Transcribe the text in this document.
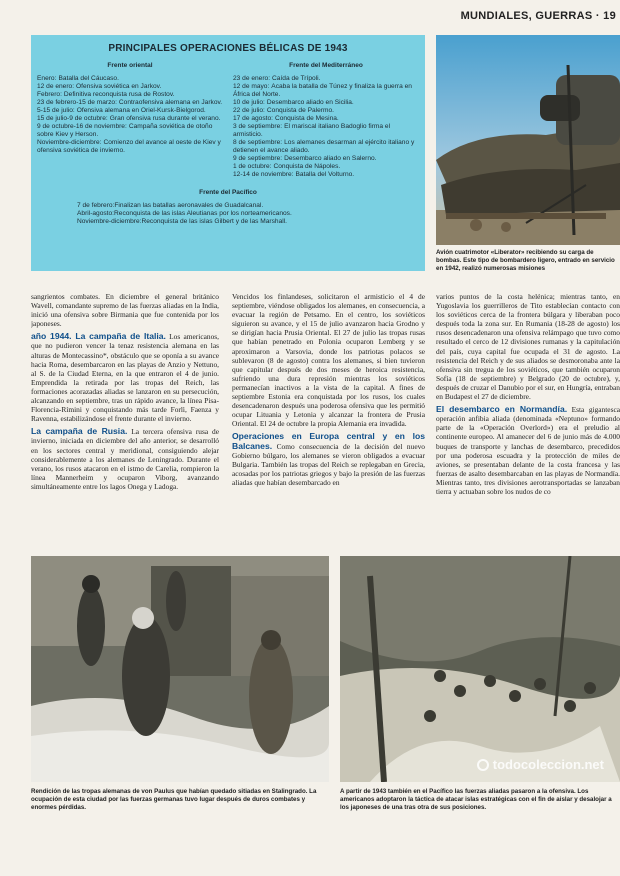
MUNDIALES, GUERRAS · 19
PRINCIPALES OPERACIONES BÉLICAS DE 1943
Frente oriental
Enero: Batalla del Cáucaso.
12 de enero: Ofensiva soviética en Jarkov.
Febrero: Definitiva reconquista rusa de Rostov.
23 de febrero-15 de marzo: Contraofensiva alemana en Jarkov.
5-15 de julio: Ofensiva alemana en Oriel-Kursk-Bielgorod.
15 de julio-9 de octubre: Gran ofensiva rusa durante el verano.
9 de octubre-16 de noviembre: Campaña soviética de otoño sobre Kiev y Herson.
Noviembre-diciembre: Comienzo del avance al oeste de Kiev y ofensiva soviética de invierno.
Frente del Mediterráneo
23 de enero: Caída de Trípoli.
12 de mayo: Acaba la batalla de Túnez y finaliza la guerra en África del Norte.
10 de julio: Desembarco aliado en Sicilia.
22 de julio: Conquista de Palermo.
17 de agosto: Conquista de Mesina.
3 de septiembre: El mariscal italiano Badoglio firma el armisticio.
8 de septiembre: Los alemanes desarman al ejército italiano y detienen el avance aliado.
9 de septiembre: Desembarco aliado en Salerno.
1 de octubre: Conquista de Nápoles.
12-14 de noviembre: Batalla del Volturno.
Frente del Pacífico
7 de febrero:Finalizan las batallas aeronavales de Guadalcanal.
Abril-agosto:Reconquista de las islas Aleutianas por los norteamericanos.
Noviembre-diciembre:Reconquista de las islas Gilbert y de las Marshall.
Avión cuatrimotor «Liberator» recibiendo su carga de bombas. Este tipo de bombardero ligero, entrado en servicio en 1942, realizó numerosas misiones

sangrientos combates. En diciembre el general británico Wavell, comandante supremo de las fuerzas aliadas en la India, inició una ofensiva sobre Birmania que fue contenida por los japoneses.

año 1944. La campaña de Italia. Los americanos, que no pudieron vencer la tenaz resistencia alemana en las alturas de Montecassino*, obstáculo que se oponía a su avance hacia Roma, desembarcaron en las playas de Anzio y Nettuno, al S. de la Ciudad Eterna, en la que entraron el 4 de junio. Emprendida la retirada por las tropas del Reich, las formaciones acorazadas aliadas se lanzaron en su persecución, alcanzando en septiembre, tras un rápido avance, la línea Pisa-Florencia-Rímini y conquistando más tarde Forlì, Faenza y Ravenna, estabilizándose el frente durante el invierno.

La campaña de Rusia. La tercera ofensiva rusa de invierno, iniciada en diciembre del año anterior, se desarrolló en los sectores central y meridional, consiguiendo alejar considerablemente a los alemanes de Leningrado. Durante el verano, los rusos atacaron en el istmo de Carelia, rompieron la línea Mannerheim y ocuparon Viborg, avanzando simultáneamente entre los lagos Onega y Ladoga.

Vencidos los finlandeses, solicitaron el armisticio el 4 de septiembre, viéndose obligados los alemanes, en consecuencia, a evacuar la región de Petsamo. En el centro, los soviéticos siguieron su avance, y el 15 de julio avanzaron hacia Grodno y se dirigían hacia Prusia Oriental. El 27 de julio las tropas rusas que habían penetrado en Polonia ocuparon Lemberg y se aproximaron a Varsovia, donde los patriotas polacos se sublevaron (8 de agosto) contra los alemanes, si bien tuvieron que capitular después de dos meses de heroica resistencia, sufriendo una dura represión mientras los soviéticos permanecían inactivos a la vista de la capital. A fines de septiembre Estonia era conquistada por los rusos, los cuales desencadenaron después una poderosa ofensiva que les permitió ocupar Lituania y Letonia y alcanzar la frontera de Prusia Oriental. El 24 de octubre la propia Alemania era invadida.

Operaciones en Europa central y en los Balcanes. Como consecuencia de la decisión del nuevo Gobierno búlgaro, los alemanes se vieron obligados a evacuar Bulgaria. También las tropas del Reich se replegaban en Grecia, acosadas por los patriotas griegos y bajo la presión de las fuerzas aliadas que habían desembarcado en

varios puntos de la costa helénica; mientras tanto, en Yugoslavia los guerrilleros de Tito establecían contacto con los soviéticos cerca de la frontera búlgara y liberaban poco después toda la zona sur. En Rumania (18-28 de agosto) los rusos desencadenaron una ofensiva relámpago que tuvo como resultado el cerco de 12 divisiones rumanas y la capitulación del país, cuya capital fue ocupada el 31 de agosto. La resistencia del Reich y de sus aliados se desmoronaba ante la ofensiva sin tregua de los soviéticos, que también ocuparon Sofía (18 de septiembre) y Belgrado (20 de octubre), y, después de cruzar el Danubio por el sur, en Hungría, entraban en Budapest el 27 de diciembre.

El desembarco en Normandía. Esta gigantesca operación anfibia aliada (denominada «Neptuno» formando parte de la «Operación Overlord») era el preludio al continente europeo. Al amanecer del 6 de junio más de 4.000 buques de transporte y lanchas de desembarco, precedidos por una poderosa escuadra y la protección de miles de aviones, se presentaban delante de la costa francesa y las fuerzas de asalto desembarcaban en las playas de Normandía. Mientras tanto, tres divisiones aerotransportadas se lanzaban tierra y actuaban sobre los nudos de co

Rendición de las tropas alemanas de von Paulus que habían quedado sitiadas en Stalingrado. La ocupación de esta ciudad por las fuerzas germanas tuvo lugar después de duros combates y enormes pérdidas.
todocoleccion.net
A partir de 1943 también en el Pacífico las fuerzas aliadas pasaron a la ofensiva. Los americanos adoptaron la táctica de atacar islas estratégicas con el fin de aislar y desalojar a los japoneses de una tras otra de sus posiciones.
